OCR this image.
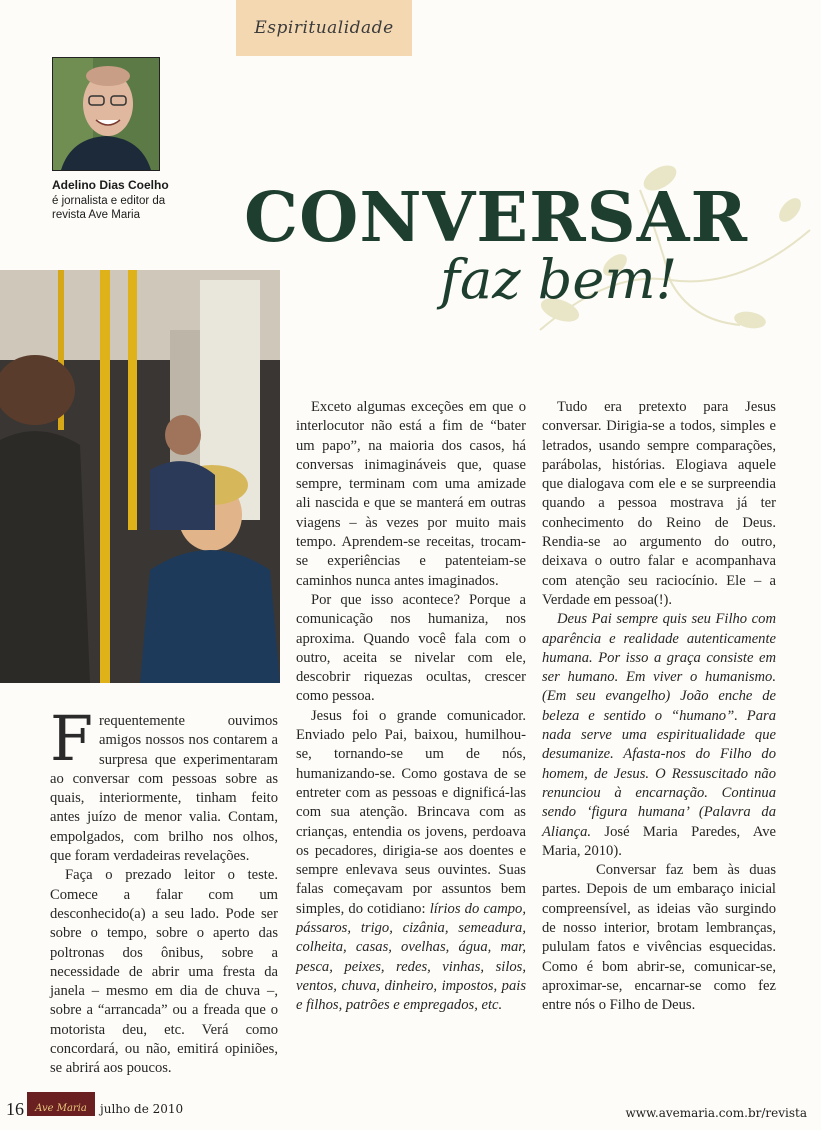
Espiritualidade
Adelino Dias Coelho
é jornalista e editor da revista Ave Maria	CONVERSAR
faz bem!

Frequentemente ouvimos amigos nossos nos contarem a surpresa que experimentaram ao conversar com pessoas sobre as quais, interiormente, tinham feito antes juízo de menor valia. Contam, empolgados, com brilho nos olhos, que foram verdadeiras revelações.

Faça o prezado leitor o teste. Comece a falar com um desconhecido(a) a seu lado. Pode ser sobre o tempo, sobre o aperto das poltronas dos ônibus, sobre a necessidade de abrir uma fresta da janela – mesmo em dia de chuva –, sobre a “arrancada” ou a freada que o motorista deu, etc. Verá como concordará, ou não, emitirá opiniões, se abrirá aos poucos.

Exceto algumas exceções em que o interlocutor não está a fim de “bater um papo”, na maioria dos casos, há conversas inimagináveis que, quase sempre, terminam com uma amizade ali nascida e que se manterá em outras viagens – às vezes por muito mais tempo. Aprendem-se receitas, trocam-se experiências e patenteiam-se caminhos nunca antes imaginados.

Por que isso acontece? Porque a comunicação nos humaniza, nos aproxima. Quando você fala com o outro, aceita se nivelar com ele, descobrir riquezas ocultas, crescer como pessoa.

Jesus foi o grande comunicador. Enviado pelo Pai, baixou, humilhou-se, tornando-se um de nós, humanizando-se. Como gostava de se entreter com as pessoas e dignificá-las com sua atenção. Brincava com as crianças, entendia os jovens, perdoava os pecadores, dirigia-se aos doentes e sempre enlevava seus ouvintes. Suas falas começavam por assuntos bem simples, do cotidiano: lírios do campo, pássaros, trigo, cizânia, semeadura, colheita, casas, ovelhas, água, mar, pesca, peixes, redes, vinhas, silos, ventos, chuva, dinheiro, impostos, pais e filhos, patrões e empregados, etc.

Tudo era pretexto para Jesus conversar. Dirigia-se a todos, simples e letrados, usando sempre comparações, parábolas, histórias. Elogiava aquele que dialogava com ele e se surpreendia quando a pessoa mostrava já ter conhecimento do Reino de Deus. Rendia-se ao argumento do outro, deixava o outro falar e acompanhava com atenção seu raciocínio. Ele – a Verdade em pessoa(!).

Deus Pai sempre quis seu Filho com aparência e realidade autenticamente humana. Por isso a graça consiste em ser humano. Em viver o humanismo.(Em seu evangelho) João enche de beleza e sentido o “humano”. Para nada serve uma espiritualidade que desumanize. Afasta-nos do Filho do homem, de Jesus. O Ressuscitado não renunciou à encarnação. Continua sendo ‘figura humana’ (Palavra da Aliança. José Maria Paredes, Ave Maria, 2010).

Conversar faz bem às duas partes. Depois de um embaraço inicial compreensível, as ideias vão surgindo de nosso interior, brotam lembranças, pululam fatos e vivências esquecidas. Como é bom abrir-se, comunicar-se, aproximar-se, encarnar-se como fez entre nós o Filho de Deus.

16	Ave Maria	julho de 2010	www.avemaria.com.br/revista
